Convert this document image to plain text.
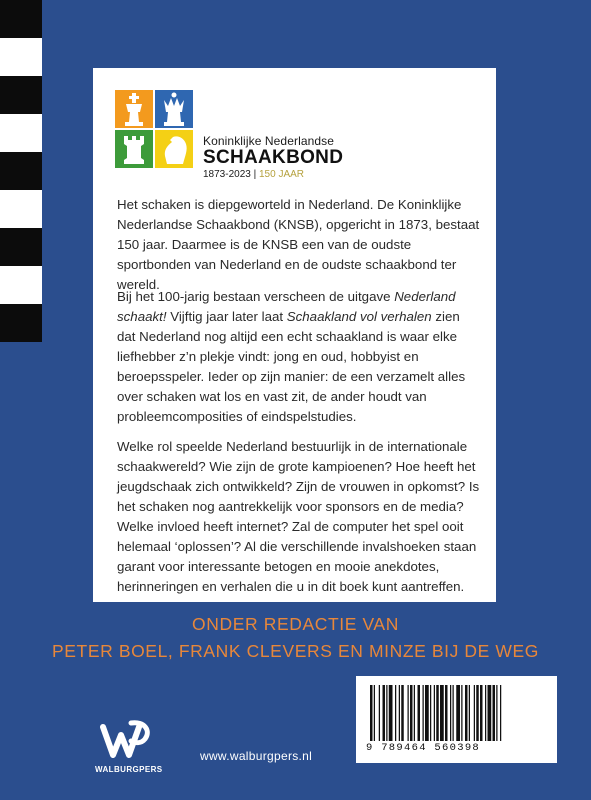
Koninklijke Nederlandse
SCHAAKBOND
1873-2023 | 150 JAAR

Het schaken is diepgeworteld in Nederland. De Koninklijke Nederlandse Schaakbond (KNSB), opgericht in 1873, bestaat 150 jaar. Daarmee is de KNSB een van de oudste sportbonden van Nederland en de oudste schaakbond ter wereld.

Bij het 100-jarig bestaan verscheen de uitgave Nederland schaakt! Vijftig jaar later laat Schaakland vol verhalen zien dat Nederland nog altijd een echt schaakland is waar elke liefhebber z’n plekje vindt: jong en oud, hobbyist en beroepsspeler. Ieder op zijn manier: de een verzamelt alles over schaken wat los en vast zit, de ander houdt van probleemcomposities of eindspelstudies.

Welke rol speelde Nederland bestuurlijk in de internationale schaakwereld? Wie zijn de grote kampioenen? Hoe heeft het jeugdschaak zich ontwikkeld? Zijn de vrouwen in opkomst? Is het schaken nog aantrekkelijk voor sponsors en de media? Welke invloed heeft internet? Zal de computer het spel ooit helemaal ‘oplossen’? Al die verschillende invalshoeken staan garant voor interessante betogen en mooie anekdotes, herinneringen en verhalen die u in dit boek kunt aantreffen.

ONDER REDACTIE VAN
PETER BOEL, FRANK CLEVERS EN MINZE BIJ DE WEG
WALBURGPERS
www.walburgpers.nl
9 789464 560398
